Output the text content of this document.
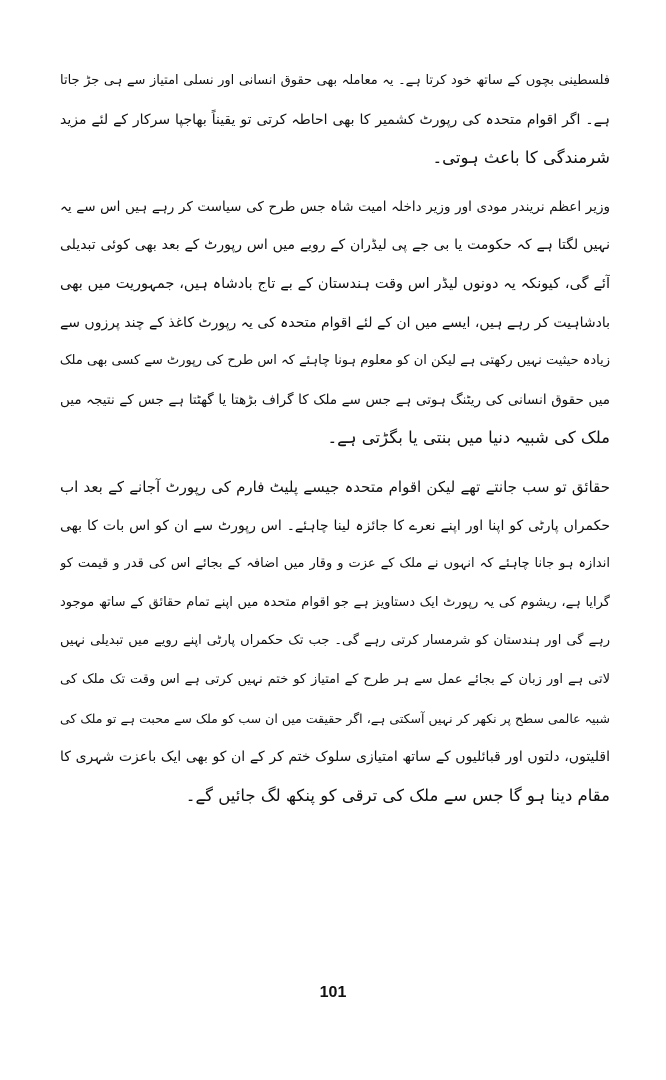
فلسطینی بچوں کے ساتھ خود کرتا ہے۔ یہ معاملہ بھی حقوق انسانی اور نسلی امتیاز سے ہی جڑ جاتا
ہے۔ اگر اقوام متحدہ کی رپورٹ کشمیر کا بھی احاطہ کرتی تو یقیناً بھاجپا سرکار کے لئے مزید
شرمندگی کا باعث ہوتی۔
وزیر اعظم نریندر مودی اور وزیر داخلہ امیت شاہ جس طرح کی سیاست کر رہے ہیں اس سے یہ
نہیں لگتا ہے کہ حکومت یا بی جے پی لیڈران کے رویے میں اس رپورٹ کے بعد بھی کوئی تبدیلی
آئے گی، کیونکہ یہ دونوں لیڈر اس وقت ہندستان کے بے تاج بادشاہ ہیں، جمہوریت میں بھی
بادشاہیت کر رہے ہیں، ایسے میں ان کے لئے اقوام متحدہ کی یہ رپورٹ کاغذ کے چند پرزوں سے
زیادہ حیثیت نہیں رکھتی ہے لیکن ان کو معلوم ہونا چاہئے کہ اس طرح کی رپورٹ سے کسی بھی ملک
میں حقوق انسانی کی ریٹنگ ہوتی ہے جس سے ملک کا گراف بڑھتا یا گھٹتا ہے جس کے نتیجہ میں
ملک کی شبیہ دنیا میں بنتی یا بگڑتی ہے۔
حقائق تو سب جانتے تھے لیکن اقوام متحدہ جیسے پلیٹ فارم کی رپورٹ آجانے کے بعد اب
حکمراں پارٹی کو اپنا اور اپنے نعرے کا جائزہ لینا چاہئے۔ اس رپورٹ سے ان کو اس بات کا بھی
اندازہ ہو جانا چاہئے کہ انہوں نے ملک کے عزت و وقار میں اضافہ کے بجائے اس کی قدر و قیمت کو
گرایا ہے، ریشوم کی یہ رپورٹ ایک دستاویز ہے جو اقوام متحدہ میں اپنے تمام حقائق کے ساتھ موجود
رہے گی اور ہندستان کو شرمسار کرتی رہے گی۔ جب تک حکمراں پارٹی اپنے رویے میں تبدیلی نہیں
لاتی ہے اور زبان کے بجائے عمل سے ہر طرح کے امتیاز کو ختم نہیں کرتی ہے اس وقت تک ملک کی
شبیہ عالمی سطح پر نکھر کر نہیں آسکتی ہے، اگر حقیقت میں ان سب کو ملک سے محبت ہے تو ملک کی
اقلیتوں، دلتوں اور قبائلیوں کے ساتھ امتیازی سلوک ختم کر کے ان کو بھی ایک باعزت شہری کا
مقام دینا ہو گا جس سے ملک کی ترقی کو پنکھ لگ جائیں گے۔
101
